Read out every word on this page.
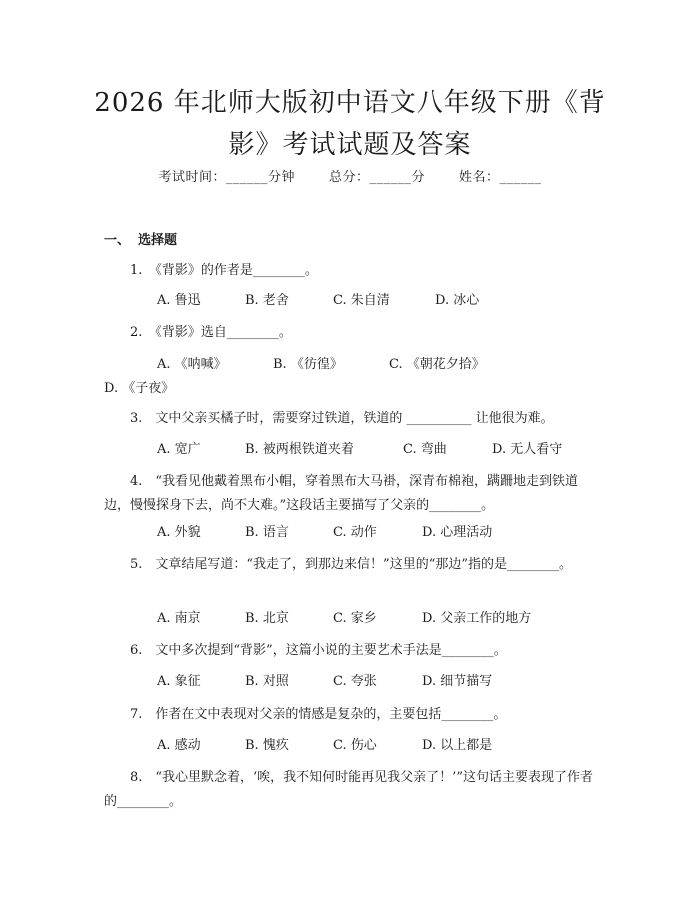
2026 年北师大版初中语文八年级下册《背
影》考试试题及答案
考试时间：______分钟	总分：______分	姓名：______
一、 选择题
1.　《背影》的作者是________。
A. 鲁迅	B. 老舍	C. 朱自清	D. 冰心
2.　《背影》选自________。
A. 《呐喊》	B. 《彷徨》	C. 《朝花夕拾》D. 《子夜》
3.　文中父亲买橘子时，需要穿过铁道，铁道的 __________ 让他很为难。
A. 宽广	B. 被两根铁道夹着	C. 弯曲	D. 无人看守
4.　“我看见他戴着黑布小帽，穿着黑布大马褂，深青布棉袍，蹒跚地走到铁道边，慢慢探身下去，尚不大难。”这段话主要描写了父亲的________。
A. 外貌	B. 语言	C. 动作	D. 心理活动
5.　文章结尾写道：“我走了，到那边来信！”这里的“那边”指的是________。
A. 南京	B. 北京	C. 家乡	D. 父亲工作的地方
6.　文中多次提到“背影”，这篇小说的主要艺术手法是________。
A. 象征	B. 对照	C. 夸张	D. 细节描写
7.　作者在文中表现对父亲的情感是复杂的，主要包括________。
A. 感动	B. 愧疚	C. 伤心	D. 以上都是
8.　“我心里默念着，‘唉，我不知何时能再见我父亲了！’”这句话主要表现了作者的________。
